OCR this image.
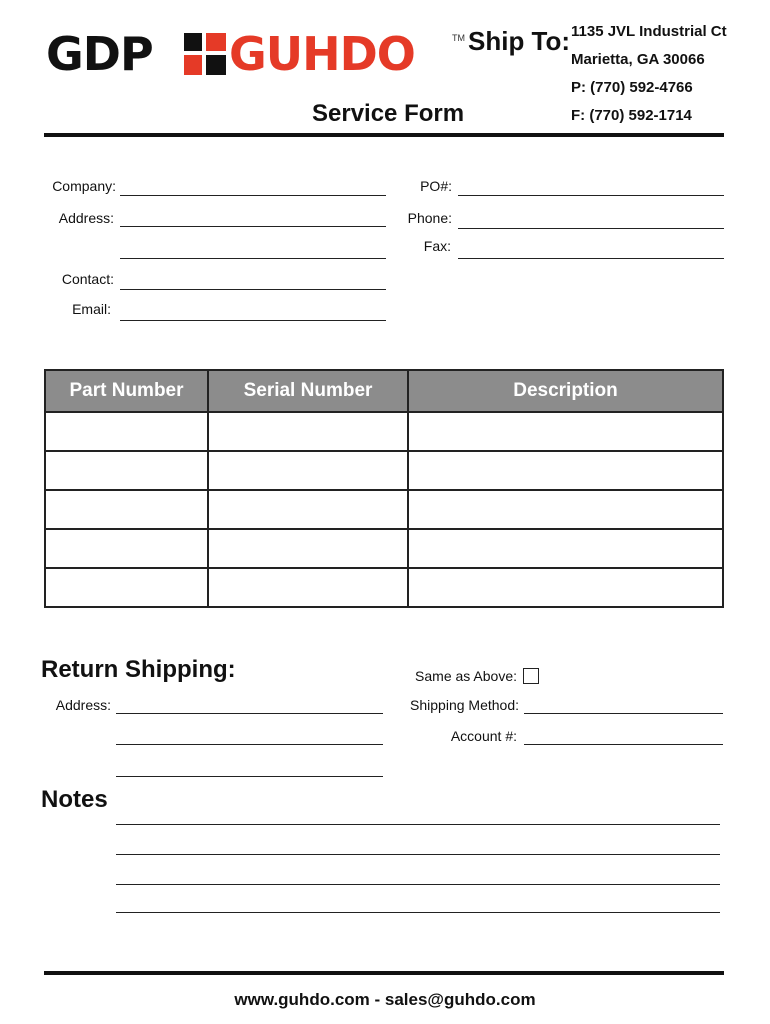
GDP GUHDO	TM Ship To: 1135 JVL Industrial Ct
Marietta, GA 30066
P: (770) 592-4766
F: (770) 592-1714
Service Form
Company:
Address:
Contact:
Email:
PO#:
Phone:
Fax:
Part Number	Serial Number	Description

Return Shipping:
Address:
Same as Above:
Shipping Method:
Account #:
Notes
www.guhdo.com - sales@guhdo.com
